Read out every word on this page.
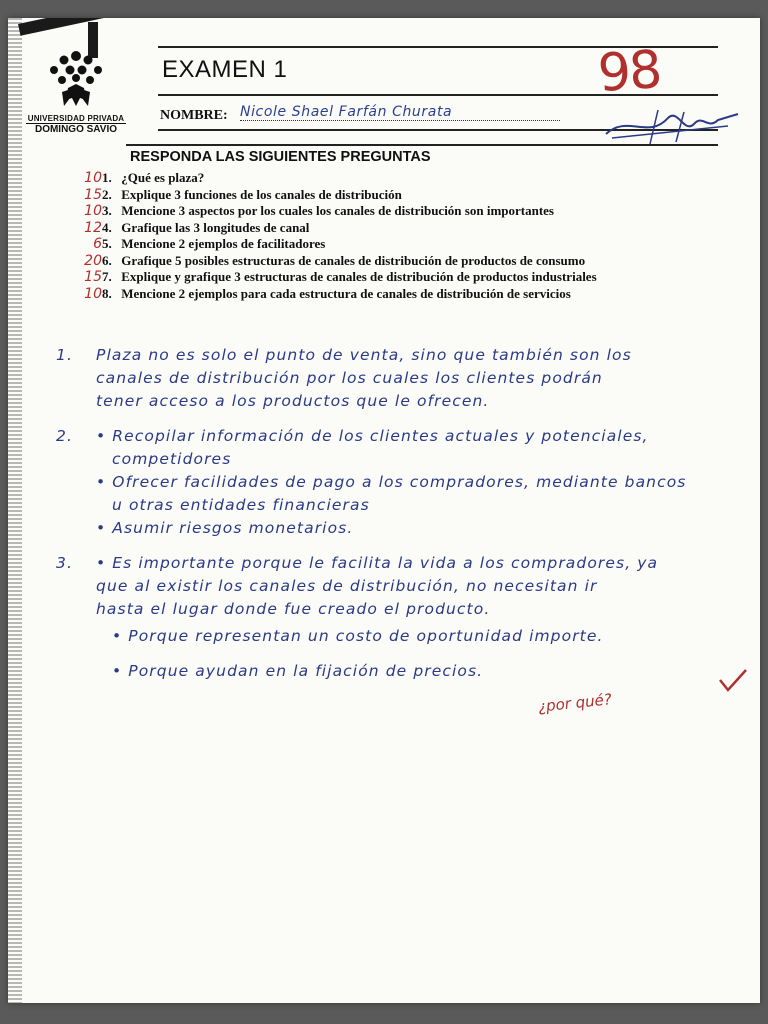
UNIVERSIDAD PRIVADA
DOMINGO SAVIO
EXAMEN 1	98
NOMBRE: Nicole Shael Farfán Churata
RESPONDA LAS SIGUIENTES PREGUNTAS
101. ¿Qué es plaza?
152. Explique 3 funciones de los canales de distribución
103. Mencione 3 aspectos por los cuales los canales de distribución son importantes
124. Grafique las 3 longitudes de canal
65. Mencione 2 ejemplos de facilitadores
206. Grafique 5 posibles estructuras de canales de distribución de productos de consumo
157. Explique y grafique 3 estructuras de canales de distribución de productos industriales
108. Mencione 2 ejemplos para cada estructura de canales de distribución de servicios
1. Plaza no es solo el punto de venta, sino que también son los
canales de distribución por los cuales los clientes podrán
tener acceso a los productos que le ofrecen.
2. • Recopilar información de los clientes actuales y potenciales,
competidores
• Ofrecer facilidades de pago a los compradores, mediante bancos
u otras entidades financieras
• Asumir riesgos monetarios.
3. • Es importante porque le facilita la vida a los compradores, ya
que al existir los canales de distribución, no necesitan ir
hasta el lugar donde fue creado el producto.
• Porque representan un costo de oportunidad importe.
• Porque ayudan en la fijación de precios.
¿por qué?
